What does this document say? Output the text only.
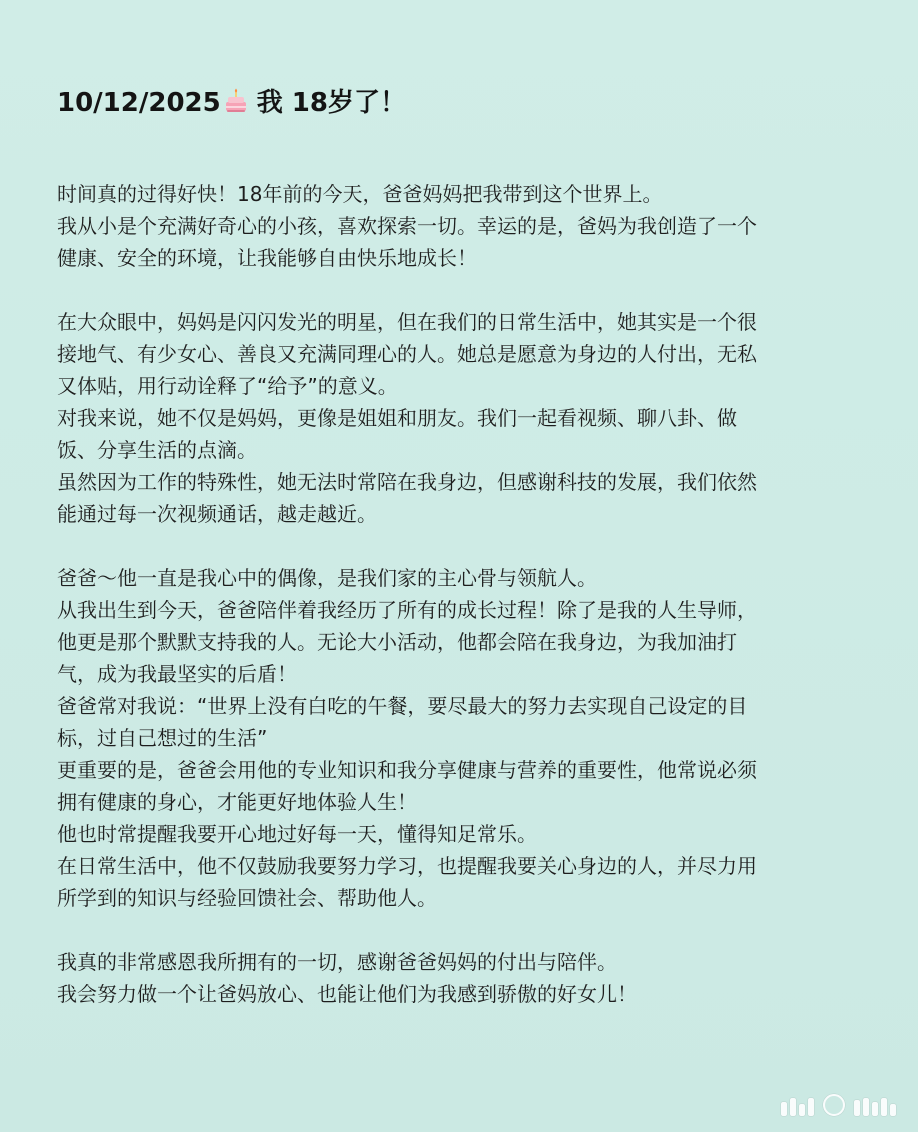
10/12/2025 我 18岁了！
时间真的过得好快！18年前的今天，爸爸妈妈把我带到这个世界上。
我从小是个充满好奇心的小孩，喜欢探索一切。幸运的是，爸妈为我创造了一个
健康、安全的环境，让我能够自由快乐地成长！
在大众眼中，妈妈是闪闪发光的明星，但在我们的日常生活中，她其实是一个很
接地气、有少女心、善良又充满同理心的人。她总是愿意为身边的人付出，无私
又体贴，用行动诠释了“给予”的意义。
对我来说，她不仅是妈妈，更像是姐姐和朋友。我们一起看视频、聊八卦、做
饭、分享生活的点滴。
虽然因为工作的特殊性，她无法时常陪在我身边，但感谢科技的发展，我们依然
能通过每一次视频通话，越走越近。
爸爸～他一直是我心中的偶像，是我们家的主心骨与领航人。
从我出生到今天，爸爸陪伴着我经历了所有的成长过程！除了是我的人生导师，
他更是那个默默支持我的人。无论大小活动，他都会陪在我身边，为我加油打
气，成为我最坚实的后盾！
爸爸常对我说：“世界上没有白吃的午餐，要尽最大的努力去实现自己设定的目
标，过自己想过的生活”
更重要的是，爸爸会用他的专业知识和我分享健康与营养的重要性，他常说必须
拥有健康的身心，才能更好地体验人生！
他也时常提醒我要开心地过好每一天，懂得知足常乐。
在日常生活中，他不仅鼓励我要努力学习，也提醒我要关心身边的人，并尽力用
所学到的知识与经验回馈社会、帮助他人。
我真的非常感恩我所拥有的一切，感谢爸爸妈妈的付出与陪伴。
我会努力做一个让爸妈放心、也能让他们为我感到骄傲的好女儿！
